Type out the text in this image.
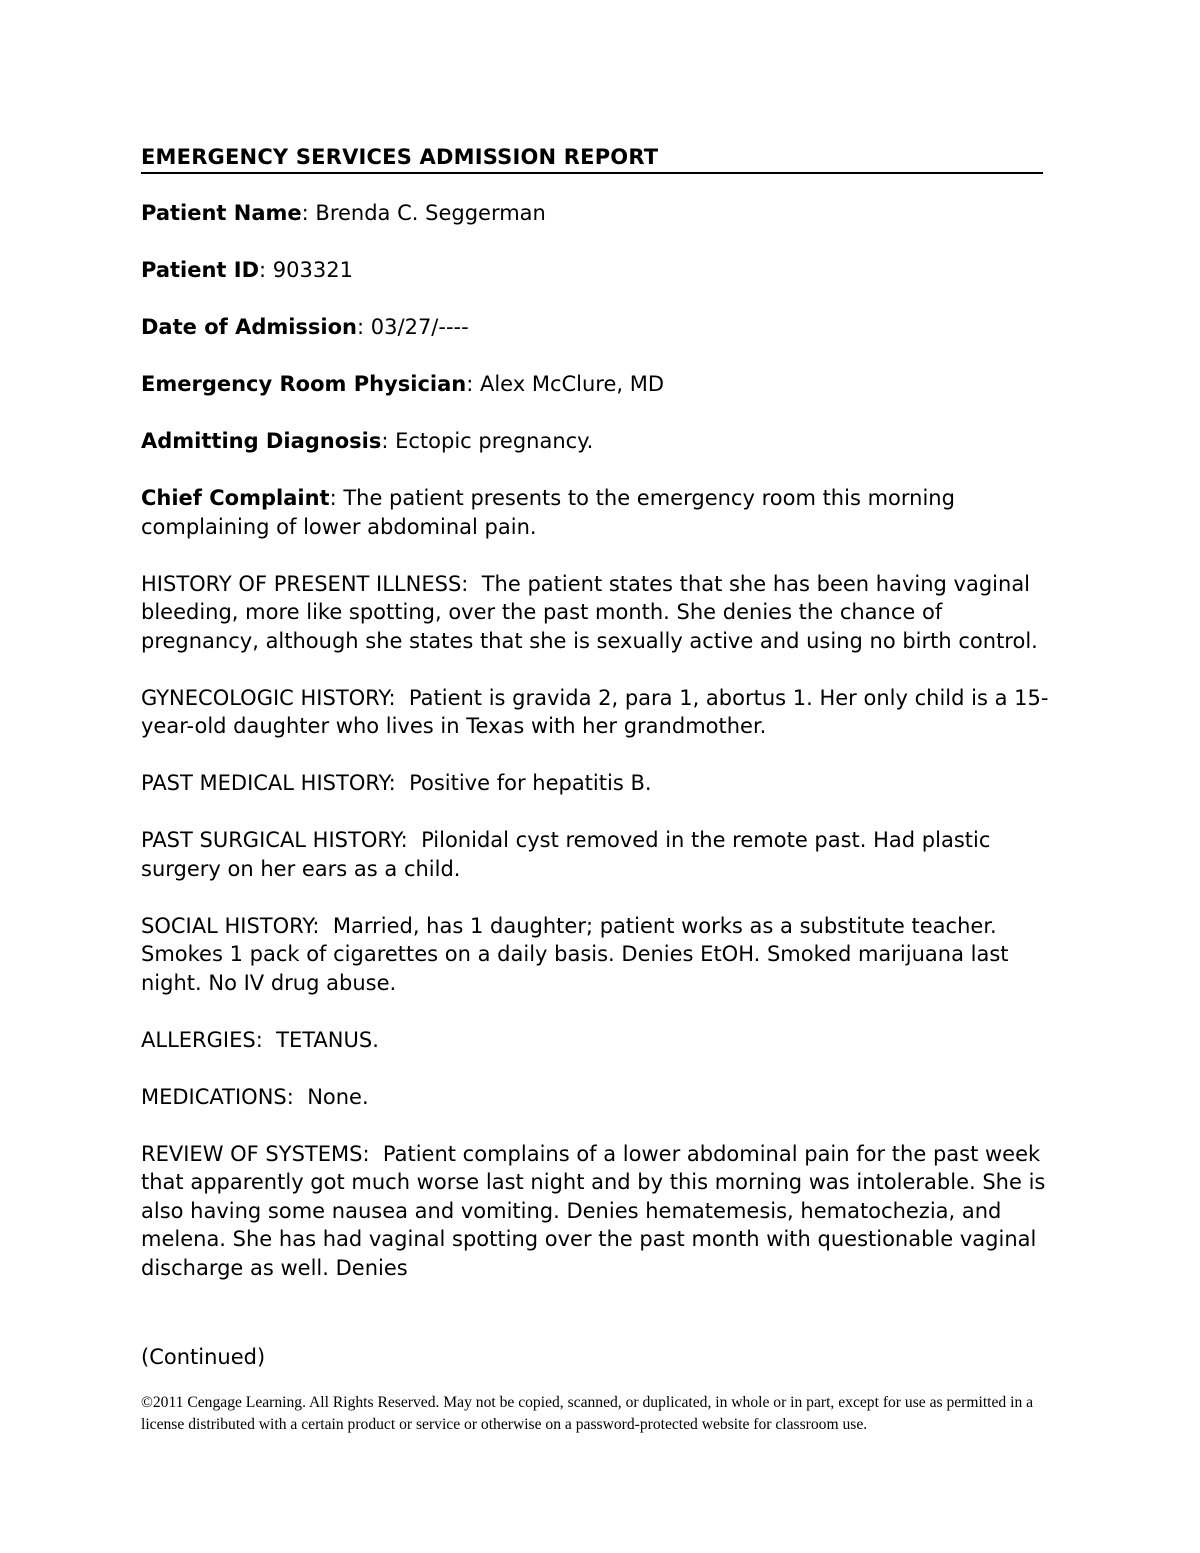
EMERGENCY SERVICES ADMISSION REPORT

Patient Name: Brenda C. Seggerman

Patient ID: 903321

Date of Admission: 03/27/----

Emergency Room Physician: Alex McClure, MD

Admitting Diagnosis: Ectopic pregnancy.

Chief Complaint: The patient presents to the emergency room this morning complaining of lower abdominal pain.

HISTORY OF PRESENT ILLNESS: The patient states that she has been having vaginal bleeding, more like spotting, over the past month. She denies the chance of pregnancy, although she states that she is sexually active and using no birth control.

GYNECOLOGIC HISTORY: Patient is gravida 2, para 1, abortus 1. Her only child is a 15-year-old daughter who lives in Texas with her grandmother.

PAST MEDICAL HISTORY: Positive for hepatitis B.

PAST SURGICAL HISTORY: Pilonidal cyst removed in the remote past. Had plastic surgery on her ears as a child.

SOCIAL HISTORY: Married, has 1 daughter; patient works as a substitute teacher. Smokes 1 pack of cigarettes on a daily basis. Denies EtOH. Smoked marijuana last night. No IV drug abuse.

ALLERGIES: TETANUS.

MEDICATIONS: None.

REVIEW OF SYSTEMS: Patient complains of a lower abdominal pain for the past week that apparently got much worse last night and by this morning was intolerable. She is also having some nausea and vomiting. Denies hematemesis, hematochezia, and melena. She has had vaginal spotting over the past month with questionable vaginal discharge as well. Denies

(Continued)

©2011 Cengage Learning. All Rights Reserved. May not be copied, scanned, or duplicated, in whole or in part, except for use as permitted in a license distributed with a certain product or service or otherwise on a password-protected website for classroom use.
